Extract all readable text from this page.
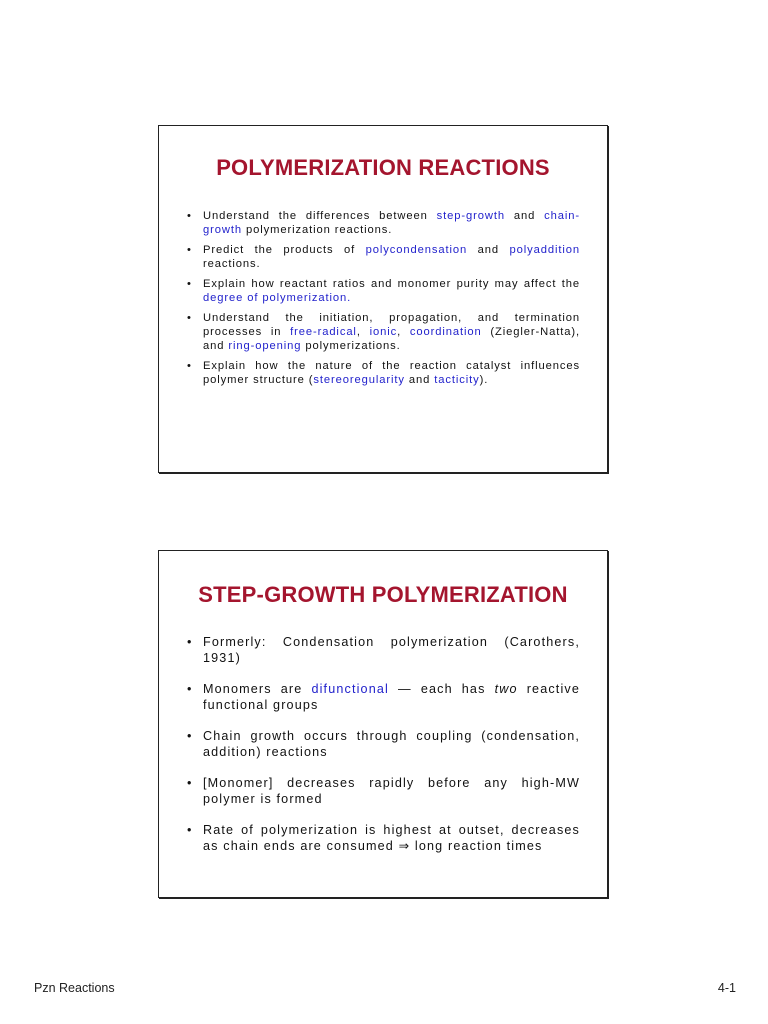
POLYMERIZATION REACTIONS
• Understand the differences between step-growth and chain-growth polymerization reactions.
• Predict the products of polycondensation and polyaddition reactions.
• Explain how reactant ratios and monomer purity may affect the degree of polymerization.
• Understand the initiation, propagation, and termination processes in free-radical, ionic, coordination (Ziegler-Natta), and ring-opening polymerizations.
• Explain how the nature of the reaction catalyst influences polymer structure (stereoregularity and tacticity).
STEP-GROWTH POLYMERIZATION
• Formerly: Condensation polymerization (Carothers, 1931)
• Monomers are difunctional — each has two reactive functional groups
• Chain growth occurs through coupling (condensation, addition) reactions
• [Monomer] decreases rapidly before any high-MW polymer is formed
• Rate of polymerization is highest at outset, decreases as chain ends are consumed ⇒ long reaction times
Pzn Reactions	4-1
